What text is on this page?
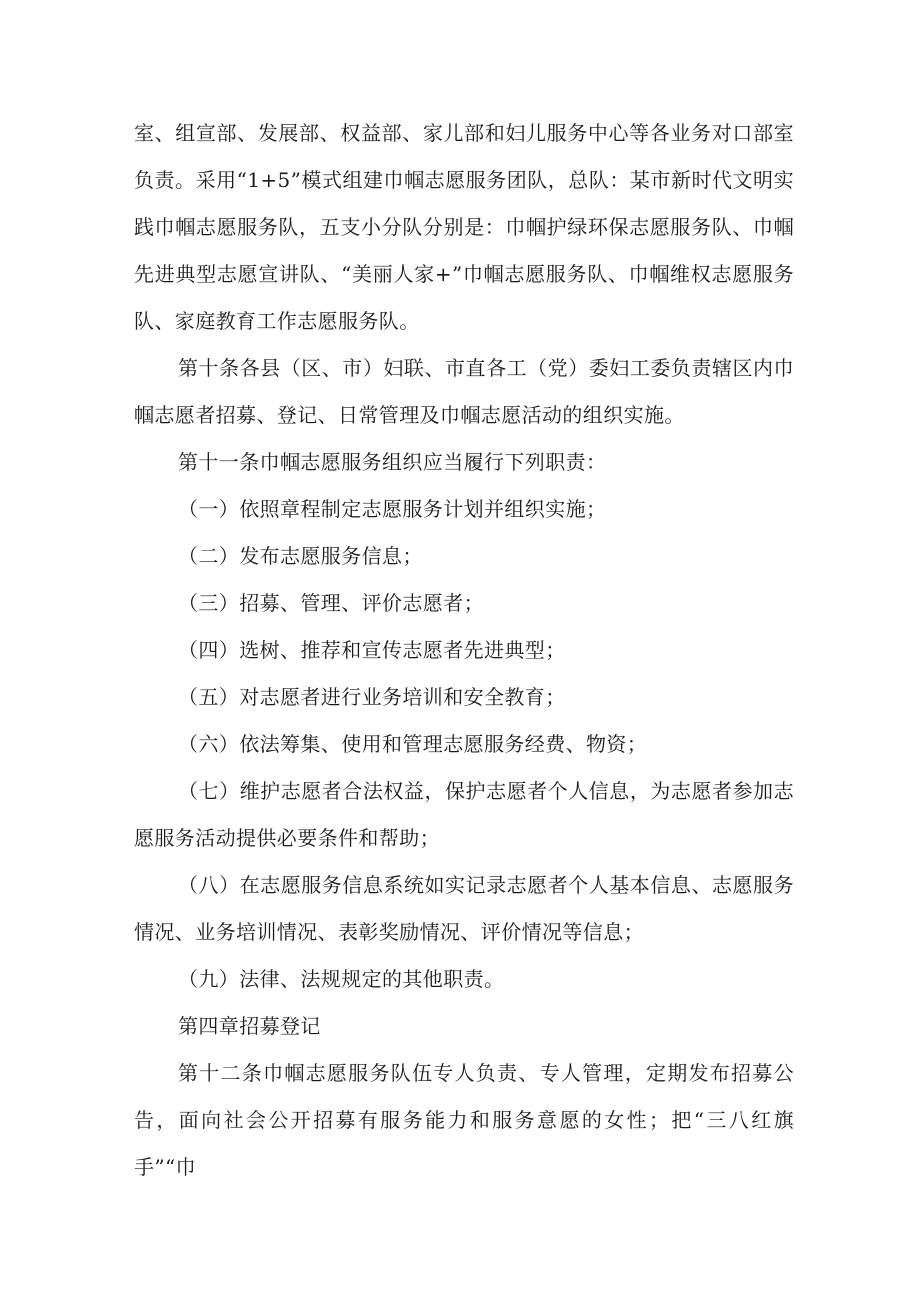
室、组宣部、发展部、权益部、家儿部和妇儿服务中心等各业务对口部室负责。采用“1+5”模式组建巾帼志愿服务团队，总队：某市新时代文明实践巾帼志愿服务队，五支小分队分别是：巾帼护绿环保志愿服务队、巾帼先进典型志愿宣讲队、“美丽人家+”巾帼志愿服务队、巾帼维权志愿服务队、家庭教育工作志愿服务队。

第十条各县（区、市）妇联、市直各工（党）委妇工委负责辖区内巾帼志愿者招募、登记、日常管理及巾帼志愿活动的组织实施。

第十一条巾帼志愿服务组织应当履行下列职责：

（一）依照章程制定志愿服务计划并组织实施；

（二）发布志愿服务信息；

（三）招募、管理、评价志愿者；

（四）选树、推荐和宣传志愿者先进典型；

（五）对志愿者进行业务培训和安全教育；

（六）依法筹集、使用和管理志愿服务经费、物资；

（七）维护志愿者合法权益，保护志愿者个人信息，为志愿者参加志愿服务活动提供必要条件和帮助；

（八）在志愿服务信息系统如实记录志愿者个人基本信息、志愿服务情况、业务培训情况、表彰奖励情况、评价情况等信息；

（九）法律、法规规定的其他职责。

第四章招募登记

第十二条巾帼志愿服务队伍专人负责、专人管理，定期发布招募公告，面向社会公开招募有服务能力和服务意愿的女性；把“三八红旗手”“巾
